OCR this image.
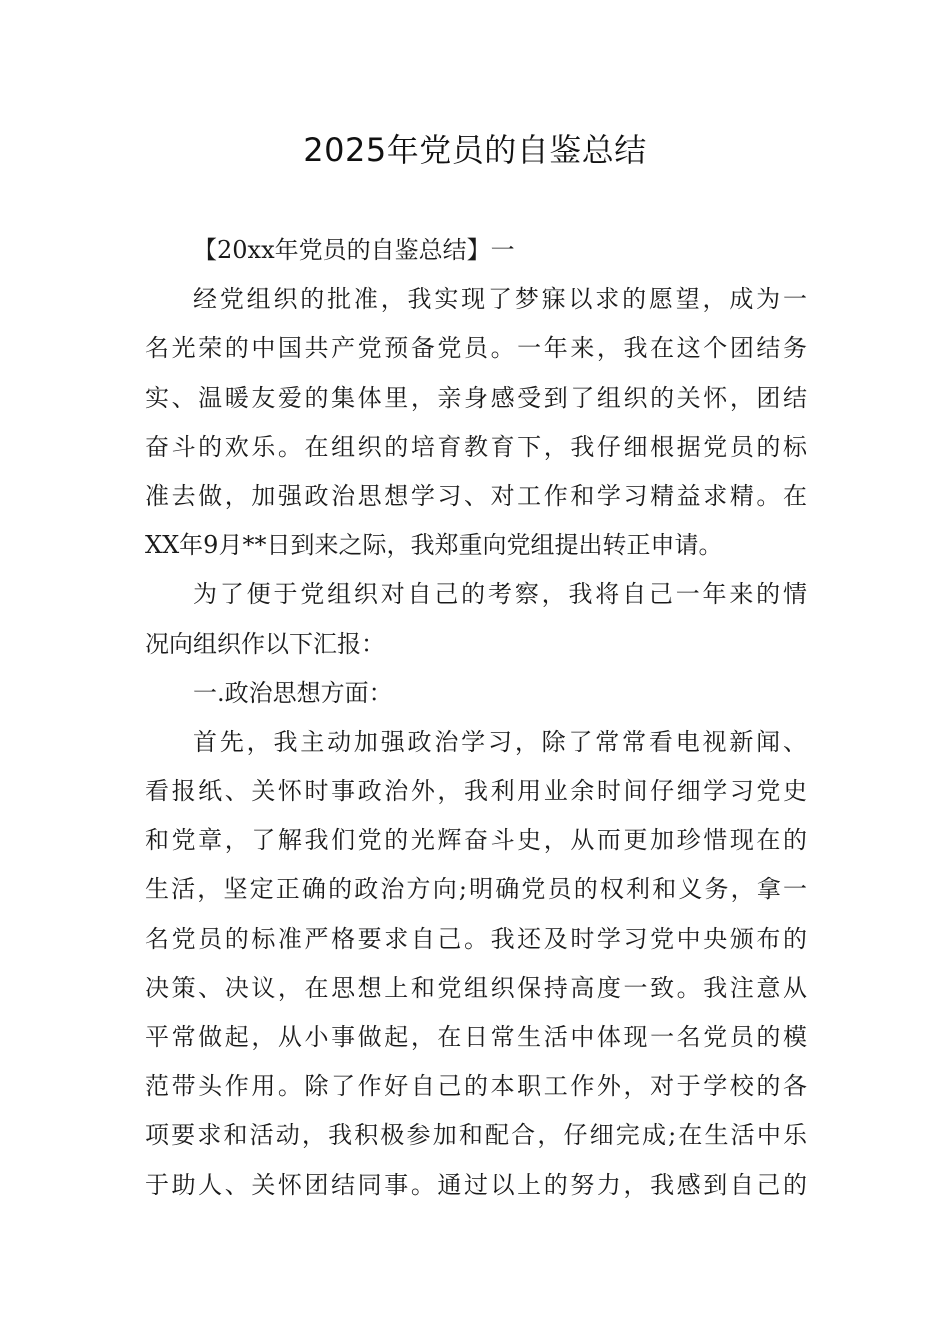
2025年党员的自鉴总结

【20xx年党员的自鉴总结】一

经党组织的批准，我实现了梦寐以求的愿望，成为一

名光荣的中国共产党预备党员。一年来，我在这个团结务

实、温暖友爱的集体里，亲身感受到了组织的关怀，团结

奋斗的欢乐。在组织的培育教育下，我仔细根据党员的标

准去做，加强政治思想学习、对工作和学习精益求精。在

XX年9月**日到来之际，我郑重向党组提出转正申请。

为了便于党组织对自己的考察，我将自己一年来的情

况向组织作以下汇报：

一.政治思想方面：

首先，我主动加强政治学习，除了常常看电视新闻、

看报纸、关怀时事政治外，我利用业余时间仔细学习党史

和党章，了解我们党的光辉奋斗史，从而更加珍惜现在的

生活，坚定正确的政治方向;明确党员的权利和义务，拿一

名党员的标准严格要求自己。我还及时学习党中央颁布的

决策、决议，在思想上和党组织保持高度一致。我注意从

平常做起，从小事做起，在日常生活中体现一名党员的模

范带头作用。除了作好自己的本职工作外，对于学校的各

项要求和活动，我积极参加和配合，仔细完成;在生活中乐

于助人、关怀团结同事。通过以上的努力，我感到自己的
